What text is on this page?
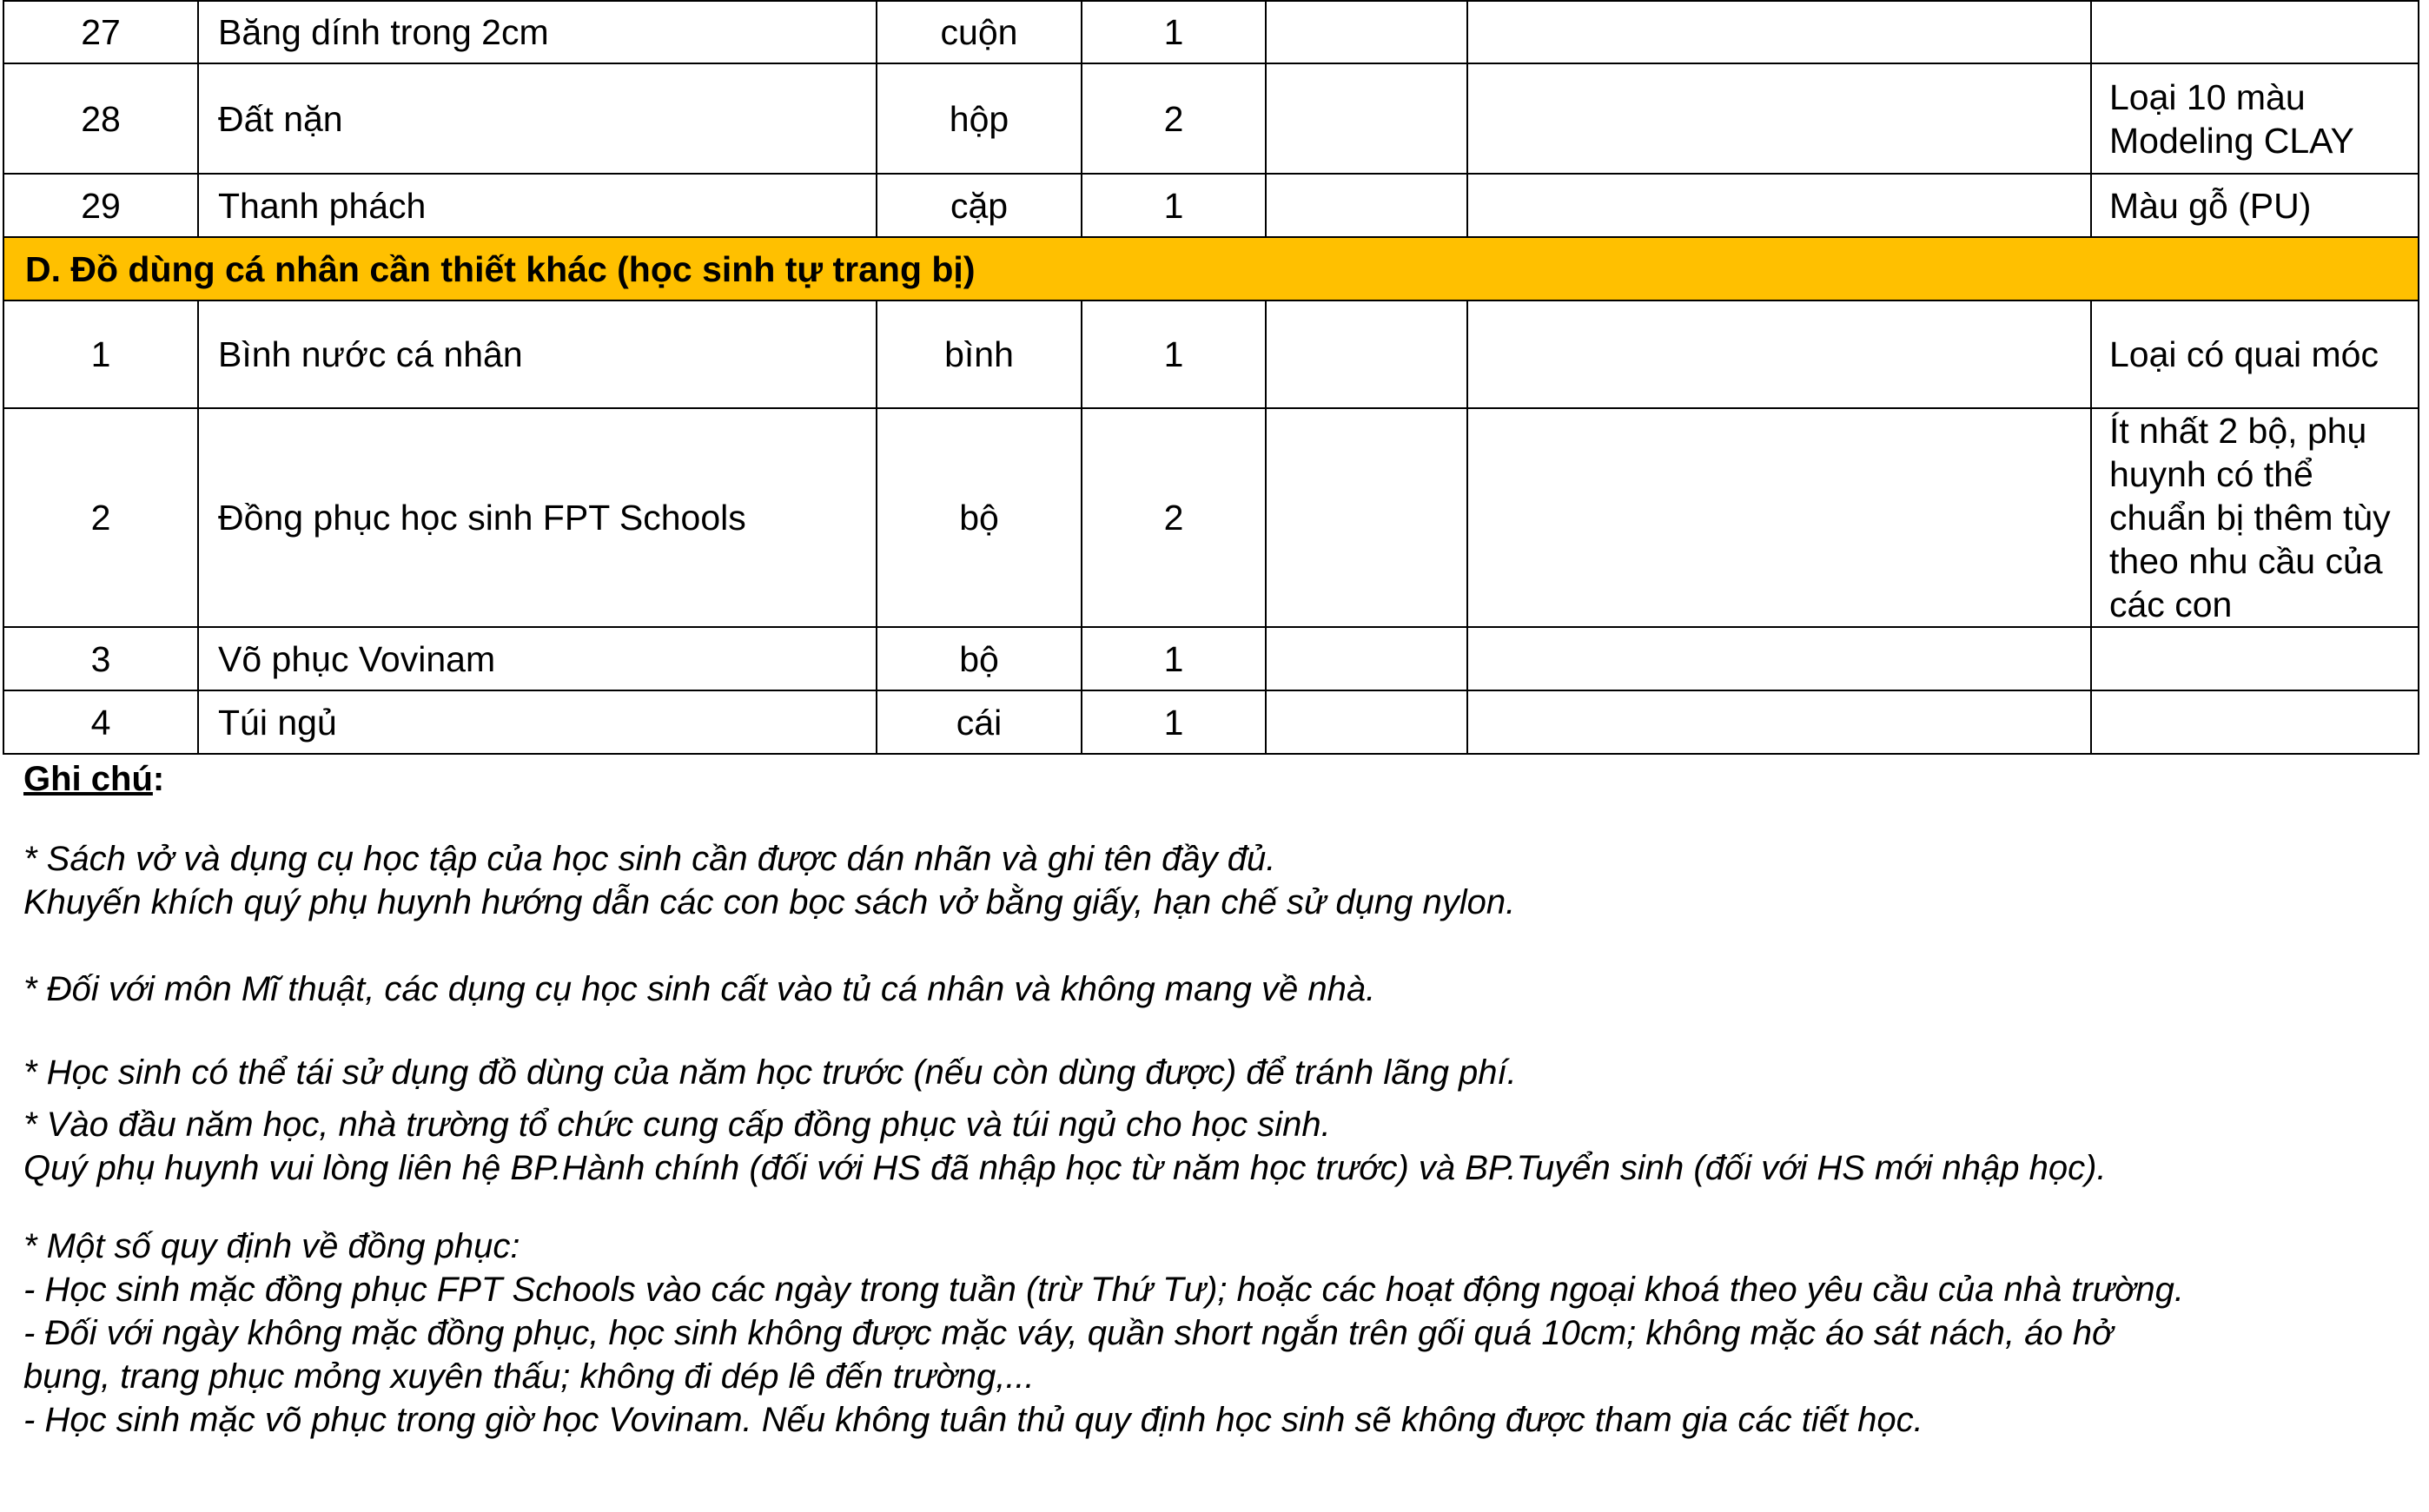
27	Băng dính trong 2cm	cuộn	1			
28	Đất nặn	hộp	2			Loại 10 màu Modeling CLAY
29	Thanh phách	cặp	1			Màu gỗ (PU)
D. Đồ dùng cá nhân cần thiết khác (học sinh tự trang bị)						
1	Bình nước cá nhân	bình	1			Loại có quai móc
2	Đồng phục học sinh FPT Schools	bộ	2			Ít nhất 2 bộ, phụ huynh có thể chuẩn bị thêm tùy theo nhu cầu của các con
3	Võ phục Vovinam	bộ	1			
4	Túi ngủ	cái	1			
Ghi chú:

* Sách vở và dụng cụ học tập của học sinh cần được dán nhãn và ghi tên đầy đủ.

Khuyến khích quý phụ huynh hướng dẫn các con bọc sách vở bằng giấy, hạn chế sử dụng nylon.

* Đối với môn Mĩ thuật, các dụng cụ học sinh cất vào tủ cá nhân và không mang về nhà.

* Học sinh có thể tái sử dụng đồ dùng của năm học trước (nếu còn dùng được) để tránh lãng phí.

* Vào đầu năm học, nhà trường tổ chức cung cấp đồng phục và túi ngủ cho học sinh.

Quý phụ huynh vui lòng liên hệ BP.Hành chính (đối với HS đã nhập học từ năm học trước) và BP.Tuyển sinh (đối với HS mới nhập học).

* Một số quy định về đồng phục:

- Học sinh mặc đồng phục FPT Schools vào các ngày trong tuần (trừ Thứ Tư); hoặc các hoạt động ngoại khoá theo yêu cầu của nhà trường.

- Đối với ngày không mặc đồng phục, học sinh không được mặc váy, quần short ngắn trên gối quá 10cm; không mặc áo sát nách, áo hở

bụng, trang phục mỏng xuyên thấu; không đi dép lê đến trường,...

- Học sinh mặc võ phục trong giờ học Vovinam. Nếu không tuân thủ quy định học sinh sẽ không được tham gia các tiết học.
